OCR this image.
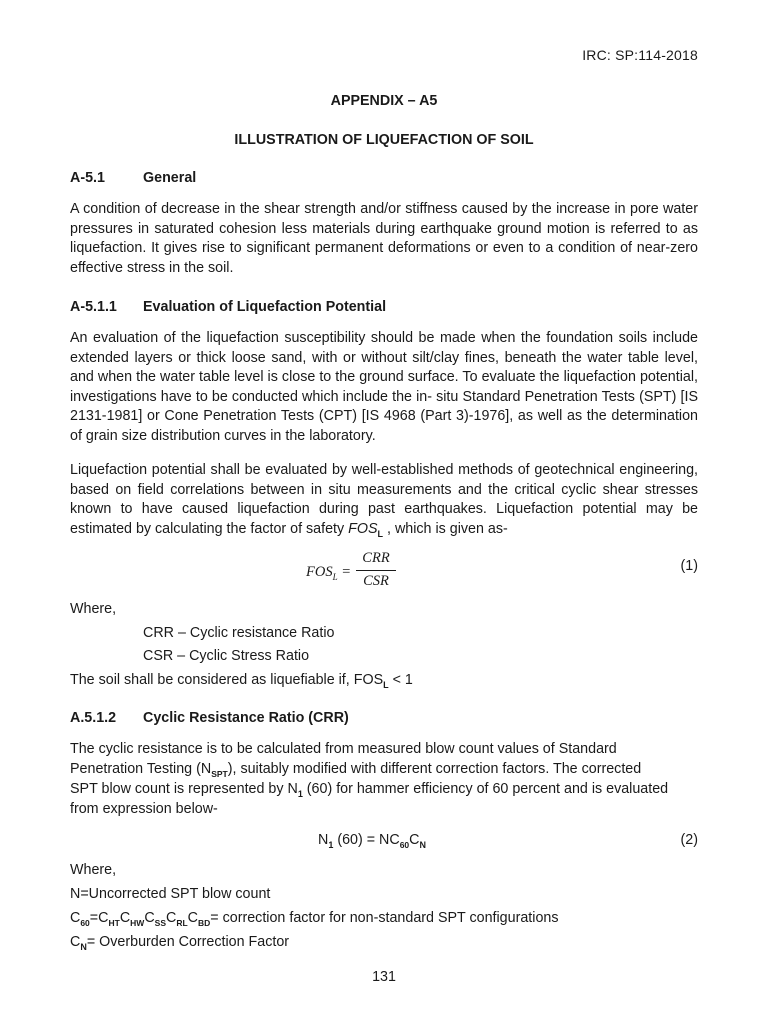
IRC: SP:114-2018
APPENDIX – A5
ILLUSTRATION OF LIQUEFACTION OF SOIL
A-5.1	General

A condition of decrease in the shear strength and/or stiffness caused by the increase in pore water pressures in saturated cohesion less materials during earthquake ground motion is referred to as liquefaction. It gives rise to significant permanent deformations or even to a condition of near-zero effective stress in the soil.

A-5.1.1 Evaluation of Liquefaction Potential

An evaluation of the liquefaction susceptibility should be made when the foundation soils include extended layers or thick loose sand, with or without silt/clay fines, beneath the water table level, and when the water table level is close to the ground surface. To evaluate the liquefaction potential, investigations have to be conducted which include the in- situ Standard Penetration Tests (SPT) [IS 2131-1981] or Cone Penetration Tests (CPT) [IS 4968 (Part 3)-1976], as well as the determination of grain size distribution curves in the laboratory.

Liquefaction potential shall be evaluated by well-established methods of geotechnical engineering, based on field correlations between in situ measurements and the critical cyclic shear stresses known to have caused liquefaction during past earthquakes. Liquefaction potential may be estimated by calculating the factor of safety $FOS_L$ , which is given as-

$FOS_L$ =
CRR
CSR
(1)
Where,
CRR – Cyclic resistance Ratio
CSR – Cyclic Stress Ratio
The soil shall be considered as liquefiable if, $FOS_L < 1$
A.5.1.2 Cyclic Resistance Ratio (CRR)
The cyclic resistance is to be calculated from measured blow count values of Standard
Penetration Testing $(N_{SPT})$, suitably modified with different correction factors. The corrected
SPT blow count is represented by $N_1$ (60) for hammer efficiency of 60 percent and is evaluated
from expression below-
$N_1$ $(60) = NC_{60}C_N$	(2)
Where,
N=Uncorrected SPT blow count
$C_{60}=C_{HT}C_{HW}C_{SS}C_{RL}C_{BD}=$ correction factor for non-standard SPT configurations
$C_N=$ Overburden Correction Factor
131
